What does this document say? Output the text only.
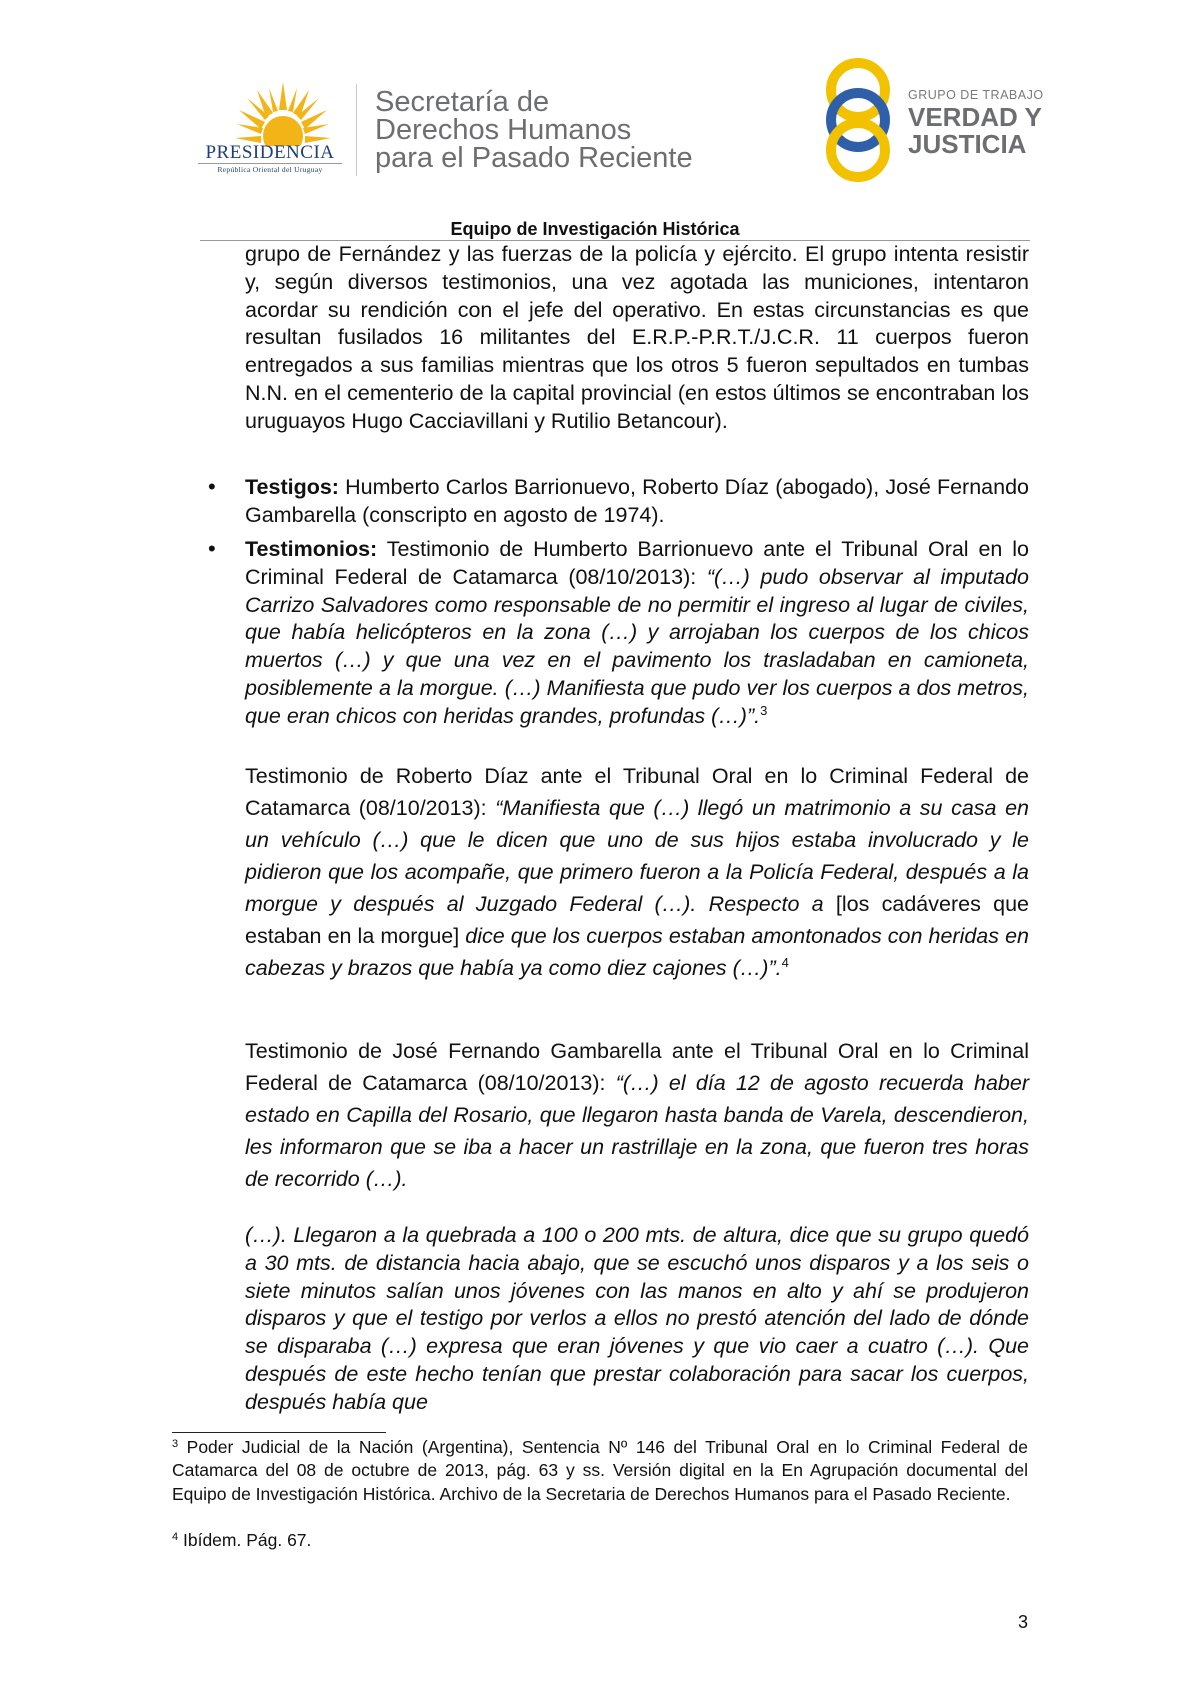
PRESIDENCIA
República Oriental del Uruguay
Secretaría de
Derechos Humanos
para el Pasado Reciente
GRUPO DE TRABAJO
VERDAD Y
JUSTICIA
Equipo de Investigación Histórica
grupo de Fernández y las fuerzas de la policía y ejército. El grupo intenta resistir y, según diversos testimonios, una vez agotada las municiones, intentaron acordar su rendición con el jefe del operativo. En estas circunstancias es que resultan fusilados 16 militantes del E.R.P.-P.R.T./J.C.R. 11 cuerpos fueron entregados a sus familias mientras que los otros 5 fueron sepultados en tumbas N.N. en el cementerio de la capital provincial (en estos últimos se encontraban los uruguayos Hugo Cacciavillani y Rutilio Betancour).
• Testigos: Humberto Carlos Barrionuevo, Roberto Díaz (abogado), José Fernando Gambarella (conscripto en agosto de 1974).
• Testimonios: Testimonio de Humberto Barrionuevo ante el Tribunal Oral en lo Criminal Federal de Catamarca (08/10/2013): “(…) pudo observar al imputado Carrizo Salvadores como responsable de no permitir el ingreso al lugar de civiles, que había helicópteros en la zona (…) y arrojaban los cuerpos de los chicos muertos (…) y que una vez en el pavimento los trasladaban en camioneta, posiblemente a la morgue. (…) Manifiesta que pudo ver los cuerpos a dos metros, que eran chicos con heridas grandes, profundas (…)”.$^3$
Testimonio de Roberto Díaz ante el Tribunal Oral en lo Criminal Federal de Catamarca (08/10/2013): “Manifiesta que (…) llegó un matrimonio a su casa en un vehículo (…) que le dicen que uno de sus hijos estaba involucrado y le pidieron que los acompañe, que primero fueron a la Policía Federal, después a la morgue y después al Juzgado Federal (…). Respecto a [los cadáveres que estaban en la morgue] dice que los cuerpos estaban amontonados con heridas en cabezas y brazos que había ya como diez cajones (…)”.$^4$
Testimonio de José Fernando Gambarella ante el Tribunal Oral en lo Criminal Federal de Catamarca (08/10/2013): “(…) el día 12 de agosto recuerda haber estado en Capilla del Rosario, que llegaron hasta banda de Varela, descendieron, les informaron que se iba a hacer un rastrillaje en la zona, que fueron tres horas de recorrido (…).
(…). Llegaron a la quebrada a 100 o 200 mts. de altura, dice que su grupo quedó a 30 mts. de distancia hacia abajo, que se escuchó unos disparos y a los seis o siete minutos salían unos jóvenes con las manos en alto y ahí se produjeron disparos y que el testigo por verlos a ellos no prestó atención del lado de dónde se disparaba (…) expresa que eran jóvenes y que vio caer a cuatro (…). Que después de este hecho tenían que prestar colaboración para sacar los cuerpos, después había que
$^3$ Poder Judicial de la Nación (Argentina), Sentencia Nº 146 del Tribunal Oral en lo Criminal Federal de Catamarca del 08 de octubre de 2013, pág. 63 y ss. Versión digital en la En Agrupación documental del Equipo de Investigación Histórica. Archivo de la Secretaria de Derechos Humanos para el Pasado Reciente.
$^4$ Ibídem. Pág. 67.
3
